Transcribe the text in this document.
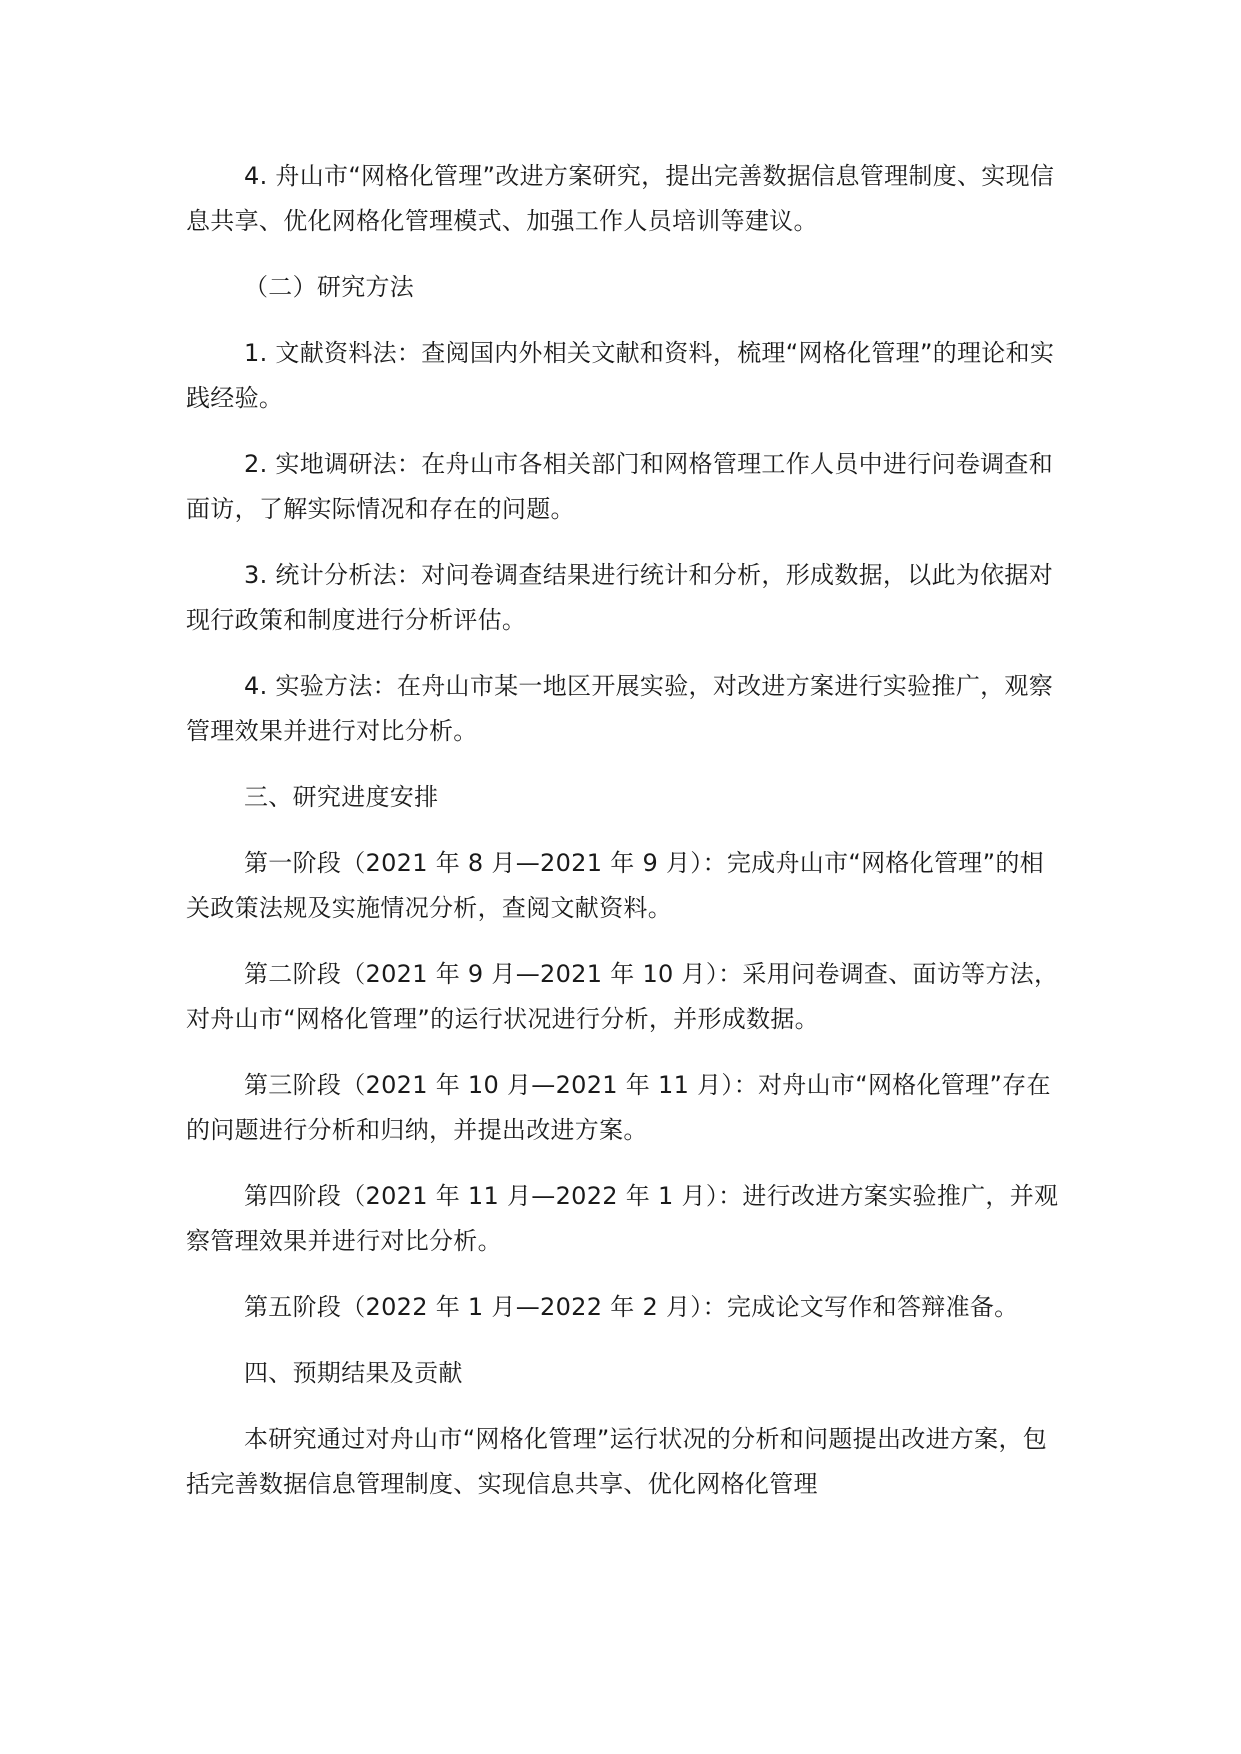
4. 舟山市“网格化管理”改进方案研究，提出完善数据信息管理制度、实现信息共享、优化网格化管理模式、加强工作人员培训等建议。

（二）研究方法

1. 文献资料法：查阅国内外相关文献和资料，梳理“网格化管理”的理论和实践经验。

2. 实地调研法：在舟山市各相关部门和网格管理工作人员中进行问卷调查和面访，了解实际情况和存在的问题。

3. 统计分析法：对问卷调查结果进行统计和分析，形成数据，以此为依据对现行政策和制度进行分析评估。

4. 实验方法：在舟山市某一地区开展实验，对改进方案进行实验推广，观察管理效果并进行对比分析。

三、研究进度安排

第一阶段（2021 年 8 月—2021 年 9 月）：完成舟山市“网格化管理”的相关政策法规及实施情况分析，查阅文献资料。

第二阶段（2021 年 9 月—2021 年 10 月）：采用问卷调查、面访等方法，对舟山市“网格化管理”的运行状况进行分析，并形成数据。

第三阶段（2021 年 10 月—2021 年 11 月）：对舟山市“网格化管理”存在的问题进行分析和归纳，并提出改进方案。

第四阶段（2021 年 11 月—2022 年 1 月）：进行改进方案实验推广，并观察管理效果并进行对比分析。

第五阶段（2022 年 1 月—2022 年 2 月）：完成论文写作和答辩准备。

四、预期结果及贡献

本研究通过对舟山市“网格化管理”运行状况的分析和问题提出改进方案，包括完善数据信息管理制度、实现信息共享、优化网格化管理
